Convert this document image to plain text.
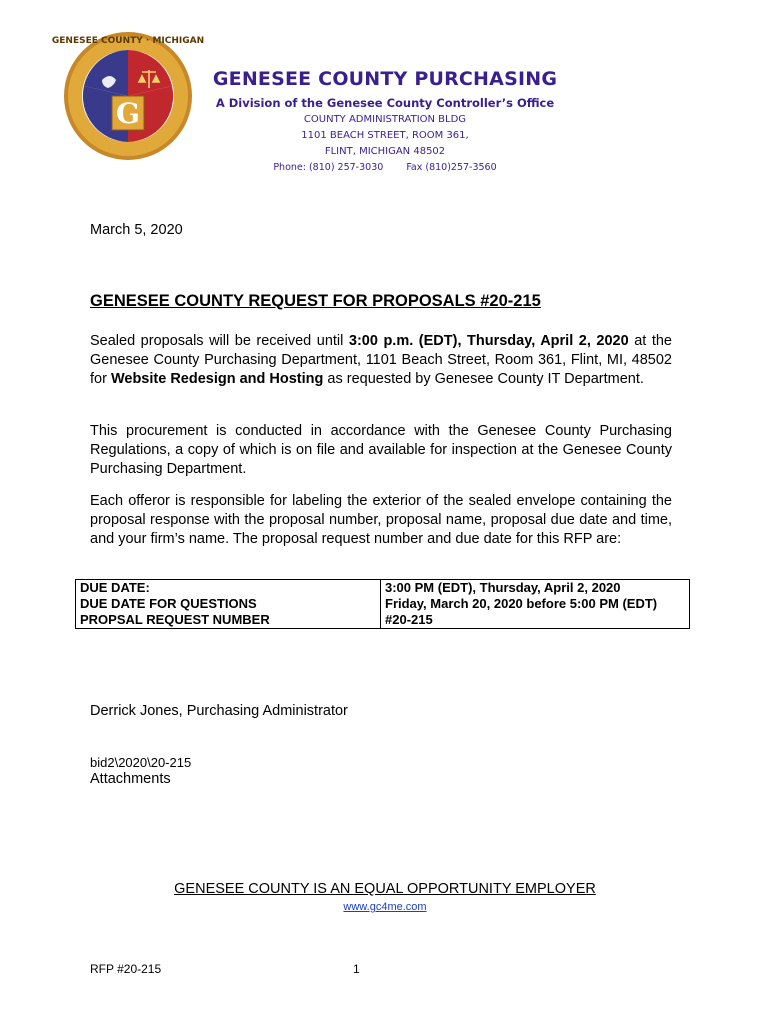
G
GENESEE COUNTY · MICHIGAN
GENESEE COUNTY PURCHASING
A Division of the Genesee County Controller’s Office
COUNTY ADMINISTRATION BLDG
1101 BEACH STREET, ROOM 361,
FLINT, MICHIGAN 48502
Phone: (810) 257-3030 Fax (810)257-3560
March 5, 2020
GENESEE COUNTY REQUEST FOR PROPOSALS #20-215
Sealed proposals will be received until 3:00 p.m. (EDT), Thursday, April 2, 2020 at the Genesee County Purchasing Department, 1101 Beach Street, Room 361, Flint, MI, 48502 for Website Redesign and Hosting as requested by Genesee County IT Department.
This procurement is conducted in accordance with the Genesee County Purchasing Regulations, a copy of which is on file and available for inspection at the Genesee County Purchasing Department.
Each offeror is responsible for labeling the exterior of the sealed envelope containing the proposal response with the proposal number, proposal name, proposal due date and time, and your firm’s name. The proposal request number and due date for this RFP are:
DUE DATE:	3:00 PM (EDT), Thursday, April 2, 2020
DUE DATE FOR QUESTIONS	Friday, March 20, 2020 before 5:00 PM (EDT)
PROPSAL REQUEST NUMBER	#20-215
Derrick Jones, Purchasing Administrator
bid2\2020\20-215
Attachments
GENESEE COUNTY IS AN EQUAL OPPORTUNITY EMPLOYER
www.gc4me.com
RFP #20-215	1
